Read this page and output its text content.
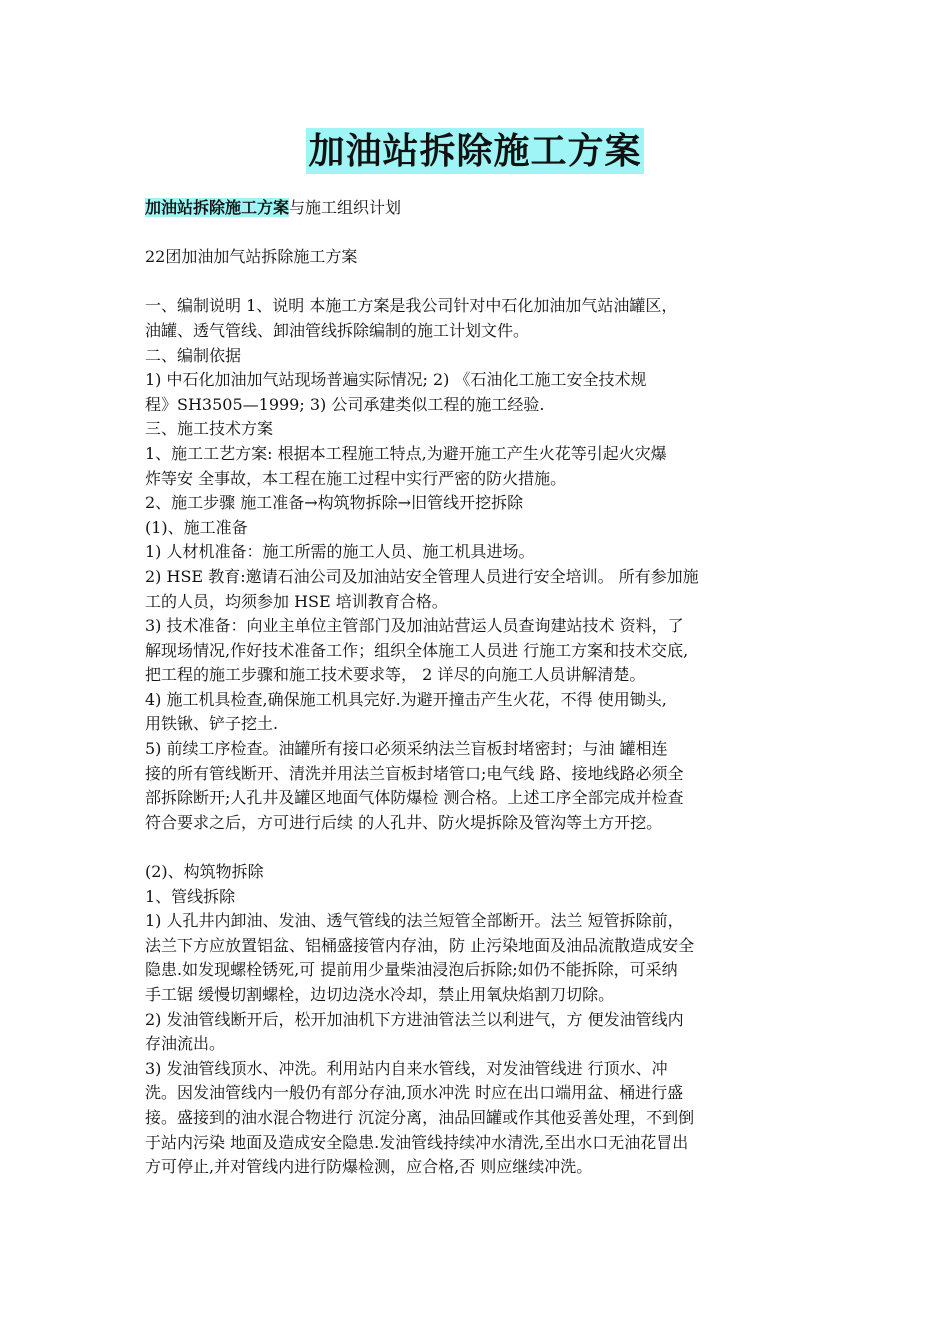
加油站拆除施工方案
加油站拆除施工方案与施工组织计划
22团加油加气站拆除施工方案
一、编制说明 1、说明 本施工方案是我公司针对中石化加油加气站油罐区，
油罐、透气管线、卸油管线拆除编制的施工计划文件。
二、编制依据
1) 中石化加油加气站现场普遍实际情况; 2) 《石油化工施工安全技术规
程》SH3505—1999; 3) 公司承建类似工程的施工经验.
三、施工技术方案
1、施工工艺方案: 根据本工程施工特点,为避开施工产生火花等引起火灾爆
炸等安 全事故，本工程在施工过程中实行严密的防火措施。
2、施工步骤 施工准备→构筑物拆除→旧管线开挖拆除
(1)、施工准备
1) 人材机准备：施工所需的施工人员、施工机具进场。
2) HSE 教育:邀请石油公司及加油站安全管理人员进行安全培训。 所有参加施
工的人员，均须参加 HSE 培训教育合格。
3) 技术准备：向业主单位主管部门及加油站营运人员查询建站技术 资料，了
解现场情况,作好技术准备工作；组织全体施工人员进 行施工方案和技术交底,
把工程的施工步骤和施工技术要求等， 2 详尽的向施工人员讲解清楚。
4) 施工机具检查,确保施工机具完好.为避开撞击产生火花，不得 使用锄头,
用铁锹、铲子挖土.
5) 前续工序检查。油罐所有接口必须采纳法兰盲板封堵密封；与油 罐相连
接的所有管线断开、清洗并用法兰盲板封堵管口;电气线 路、接地线路必须全
部拆除断开;人孔井及罐区地面气体防爆检 测合格。上述工序全部完成并检查
符合要求之后，方可进行后续 的人孔井、防火堤拆除及管沟等土方开挖。
(2)、构筑物拆除
1、管线拆除
1) 人孔井内卸油、发油、透气管线的法兰短管全部断开。法兰 短管拆除前，
法兰下方应放置铝盆、铝桶盛接管内存油，防 止污染地面及油品流散造成安全
隐患.如发现螺栓锈死,可 提前用少量柴油浸泡后拆除;如仍不能拆除，可采纳
手工锯 缓慢切割螺栓，边切边浇水冷却，禁止用氧炔焰割刀切除。
2) 发油管线断开后，松开加油机下方进油管法兰以利进气，方 便发油管线内
存油流出。
3) 发油管线顶水、冲洗。利用站内自来水管线，对发油管线进 行顶水、冲
洗。因发油管线内一般仍有部分存油,顶水冲洗 时应在出口端用盆、桶进行盛
接。盛接到的油水混合物进行 沉淀分离，油品回罐或作其他妥善处理，不到倒
于站内污染 地面及造成安全隐患.发油管线持续冲水清洗,至出水口无油花冒出
方可停止,并对管线内进行防爆检测，应合格,否 则应继续冲洗。
